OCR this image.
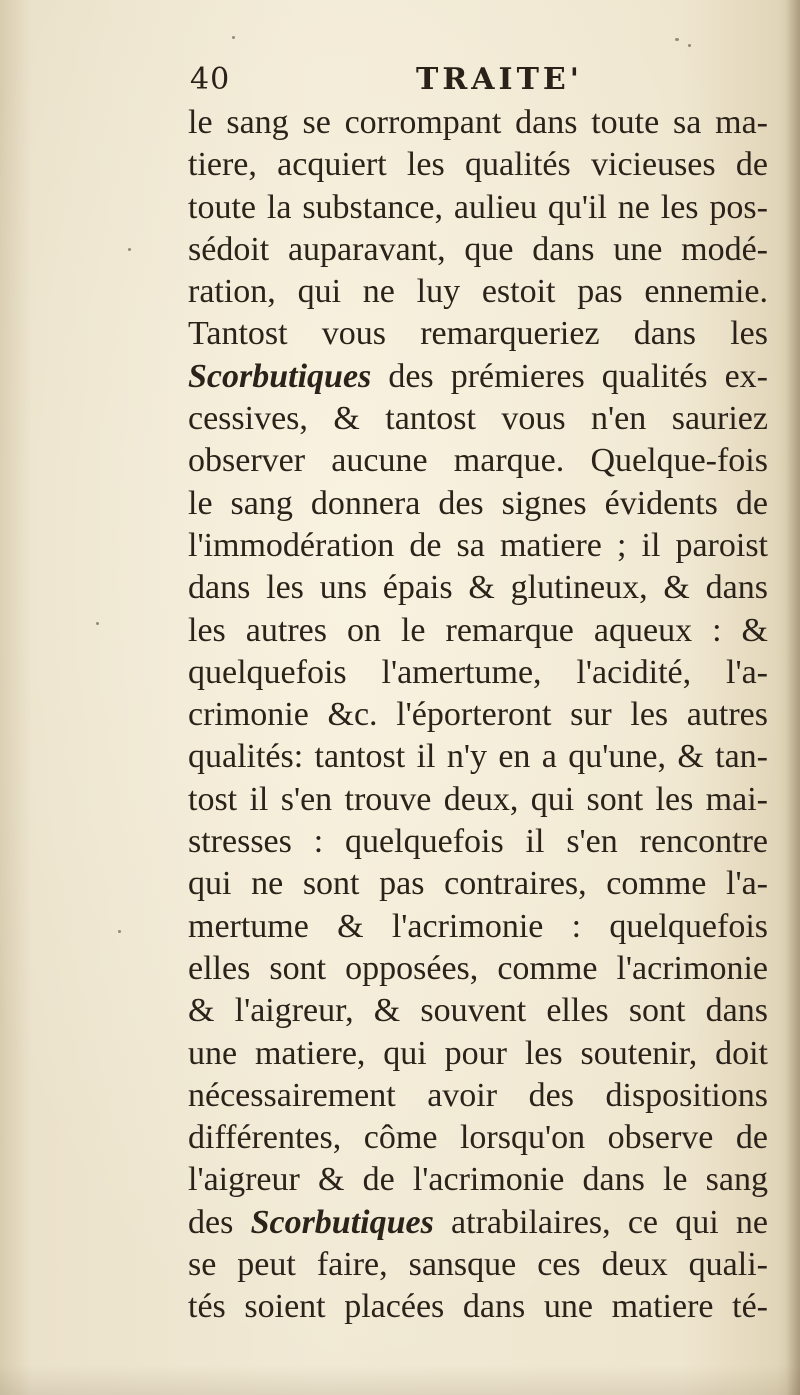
40	TRAITE'
le sang se corrompant dans toute sa ma-
tiere, acquiert les qualités vicieuses de
toute la substance, aulieu qu'il ne les pos-
sédoit auparavant, que dans une modé-
ration, qui ne luy estoit pas ennemie.
Tantost vous remarqueriez dans les
Scorbutiques des prémieres qualités ex-
cessives, & tantost vous n'en sauriez
observer aucune marque. Quelque-fois
le sang donnera des signes évidents de
l'immodération de sa matiere ; il paroist
dans les uns épais & glutineux, & dans
les autres on le remarque aqueux : &
quelquefois l'amertume, l'acidité, l'a-
crimonie &c. l'éporteront sur les autres
qualités: tantost il n'y en a qu'une, & tan-
tost il s'en trouve deux, qui sont les mai-
stresses : quelquefois il s'en rencontre
qui ne sont pas contraires, comme l'a-
mertume & l'acrimonie : quelquefois
elles sont opposées, comme l'acrimonie
& l'aigreur, & souvent elles sont dans
une matiere, qui pour les soutenir, doit
nécessairement avoir des dispositions
différentes, côme lorsqu'on observe de
l'aigreur & de l'acrimonie dans le sang
des Scorbutiques atrabilaires, ce qui ne
se peut faire, sansque ces deux quali-
tés soient placées dans une matiere té-
